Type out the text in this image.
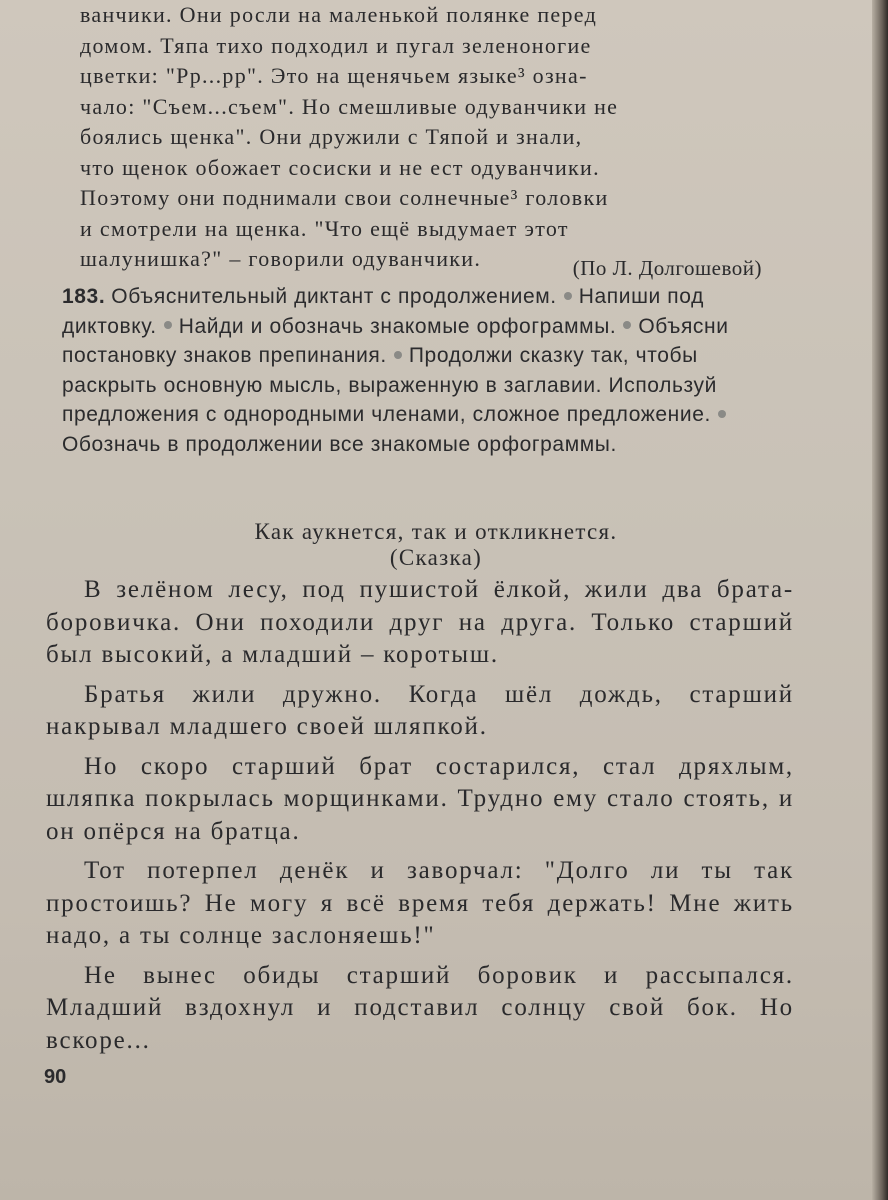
ванчики. Они росли на маленькой полянке перед
домом. Тяпа тихо подходил и пугал зеленоногие
цветки: "Рр...рр". Это на щенячьем языке³ озна-
чало: "Съем...съем". Но смешливые одуванчики не
боялись щенка". Они дружили с Тяпой и знали,
что щенок обожает сосиски и не ест одуванчики.
Поэтому они поднимали свои солнечные³ головки
и смотрели на щенка. "Что ещё выдумает этот
шалунишка?" – говорили одуванчики.	(По Л. Долгошевой)
183. Объяснительный диктант с продолжением. Напиши под диктовку. Найди и обозначь знакомые орфограммы. Объясни постановку знаков препинания. Продолжи сказку так, чтобы раскрыть основную мысль, выраженную в заглавии. Используй предложения с однородными членами, сложное предложение.Обозначь в продолжении все знакомые орфограммы.
Как аукнется, так и откликнется.
(Сказка)

В зелёном лесу, под пушистой ёлкой, жили два брата-боровичка. Они походили друг на друга. Только старший был высокий, а младший – коротыш.

Братья жили дружно. Когда шёл дождь, старший накрывал младшего своей шляпкой.

Но скоро старший брат состарился, стал дряхлым, шляпка покрылась морщинками. Трудно ему стало стоять, и он опёрся на братца.

Тот потерпел денёк и заворчал: "Долго ли ты так простоишь? Не могу я всё время тебя держать! Мне жить надо, а ты солнце заслоняешь!"

Не вынес обиды старший боровик и рассыпался. Младший вздохнул и подставил солнцу свой бок. Но вскоре...

90
